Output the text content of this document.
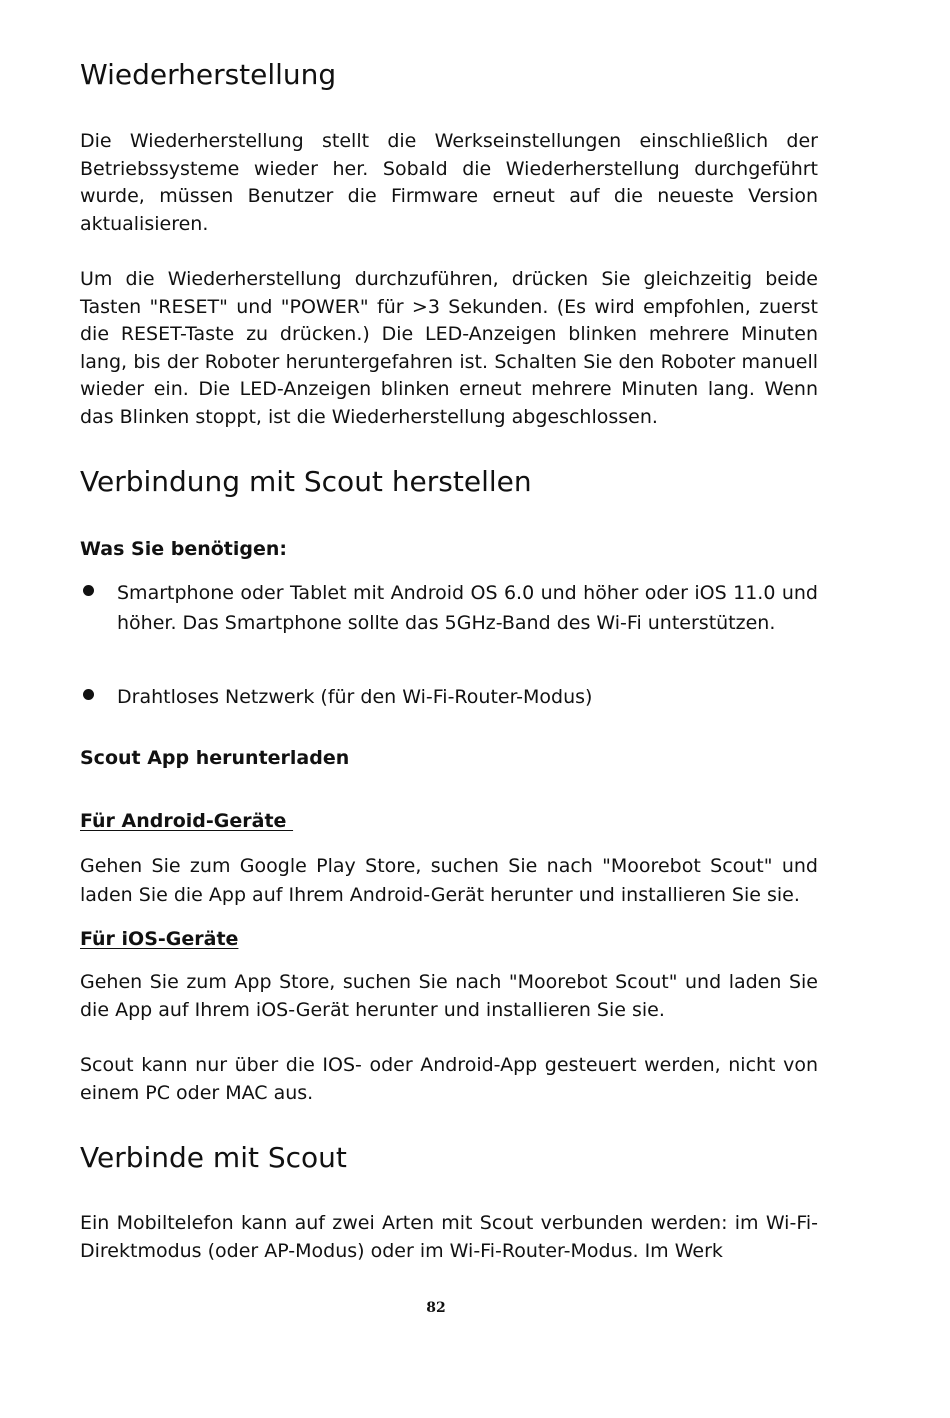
Wiederherstellung

Die Wiederherstellung stellt die Werkseinstellungen einschließlich der Betriebssysteme wieder her. Sobald die Wiederherstellung durchgeführt wurde, müssen Benutzer die Firmware erneut auf die neueste Version aktualisieren.

Um die Wiederherstellung durchzuführen, drücken Sie gleichzeitig beide Tasten "RESET" und "POWER" für >3 Sekunden. (Es wird empfohlen, zuerst die RESET-Taste zu drücken.) Die LED-Anzeigen blinken mehrere Minuten lang, bis der Roboter heruntergefahren ist. Schalten Sie den Roboter manuell wieder ein. Die LED-Anzeigen blinken erneut mehrere Minuten lang. Wenn das Blinken stoppt, ist die Wiederherstellung abgeschlossen.

Verbindung mit Scout herstellen
Was Sie benötigen:
Smartphone oder Tablet mit Android OS 6.0 und höher oder iOS 11.0 und höher. Das Smartphone sollte das 5GHz-Band des Wi-Fi unterstützen.
Drahtloses Netzwerk (für den Wi-Fi-Router-Modus)
Scout App herunterladen
Für Android-Geräte

Gehen Sie zum Google Play Store, suchen Sie nach "Moorebot Scout" und laden Sie die App auf Ihrem Android-Gerät herunter und installieren Sie sie.

Für iOS-Geräte

Gehen Sie zum App Store, suchen Sie nach "Moorebot Scout" und laden Sie die App auf Ihrem iOS-Gerät herunter und installieren Sie sie.

Scout kann nur über die IOS- oder Android-App gesteuert werden, nicht von einem PC oder MAC aus.

Verbinde mit Scout

Ein Mobiltelefon kann auf zwei Arten mit Scout verbunden werden: im Wi-Fi-Direktmodus (oder AP-Modus) oder im Wi-Fi-Router-Modus. Im Werk

82
